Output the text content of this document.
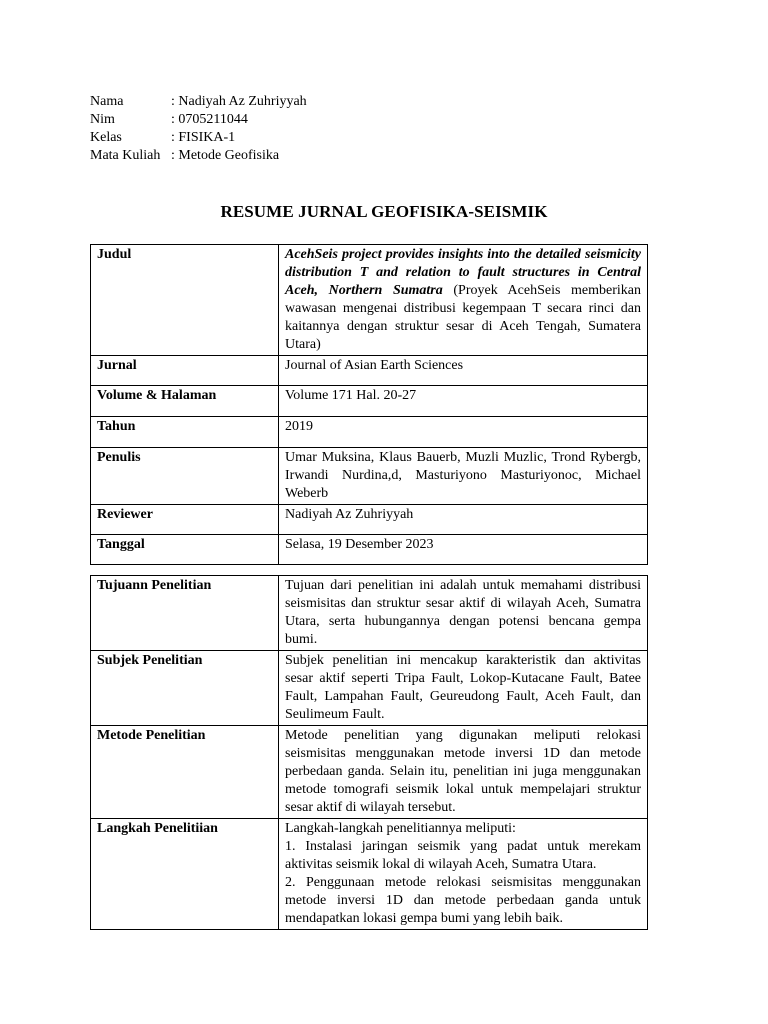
Nama	: Nadiyah Az Zuhriyyah
Nim	: 0705211044
Kelas	: FISIKA-1
Mata Kuliah : Metode Geofisika
RESUME JURNAL GEOFISIKA-SEISMIK
Judul	AcehSeis project provides insights into the detailed seismicity distribution T and relation to fault structures in Central Aceh, Northern Sumatra (Proyek AcehSeis memberikan wawasan mengenai distribusi kegempaan T secara rinci dan kaitannya dengan struktur sesar di Aceh Tengah, Sumatera Utara)
Jurnal	Journal of Asian Earth Sciences
Volume & Halaman	Volume 171 Hal. 20-27
Tahun	2019
Penulis	Umar Muksina, Klaus Bauerb, Muzli Muzlic, Trond Rybergb, Irwandi Nurdina,d, Masturiyono Masturiyonoc, Michael Weberb
Reviewer	Nadiyah Az Zuhriyyah
Tanggal	Selasa, 19 Desember 2023
Tujuann Penelitian	Tujuan dari penelitian ini adalah untuk memahami distribusi seismisitas dan struktur sesar aktif di wilayah Aceh, Sumatra Utara, serta hubungannya dengan potensi bencana gempa bumi.
Subjek Penelitian	Subjek penelitian ini mencakup karakteristik dan aktivitas sesar aktif seperti Tripa Fault, Lokop-Kutacane Fault, Batee Fault, Lampahan Fault, Geureudong Fault, Aceh Fault, dan Seulimeum Fault.
Metode Penelitian	Metode penelitian yang digunakan meliputi relokasi seismisitas menggunakan metode inversi 1D dan metode perbedaan ganda. Selain itu, penelitian ini juga menggunakan metode tomografi seismik lokal untuk mempelajari struktur sesar aktif di wilayah tersebut.
Langkah Penelitiian	Langkah-langkah penelitiannya meliputi:
1. Instalasi jaringan seismik yang padat untuk merekam aktivitas seismik lokal di wilayah Aceh, Sumatra Utara.
2. Penggunaan metode relokasi seismisitas menggunakan metode inversi 1D dan metode perbedaan ganda untuk mendapatkan lokasi gempa bumi yang lebih baik.
